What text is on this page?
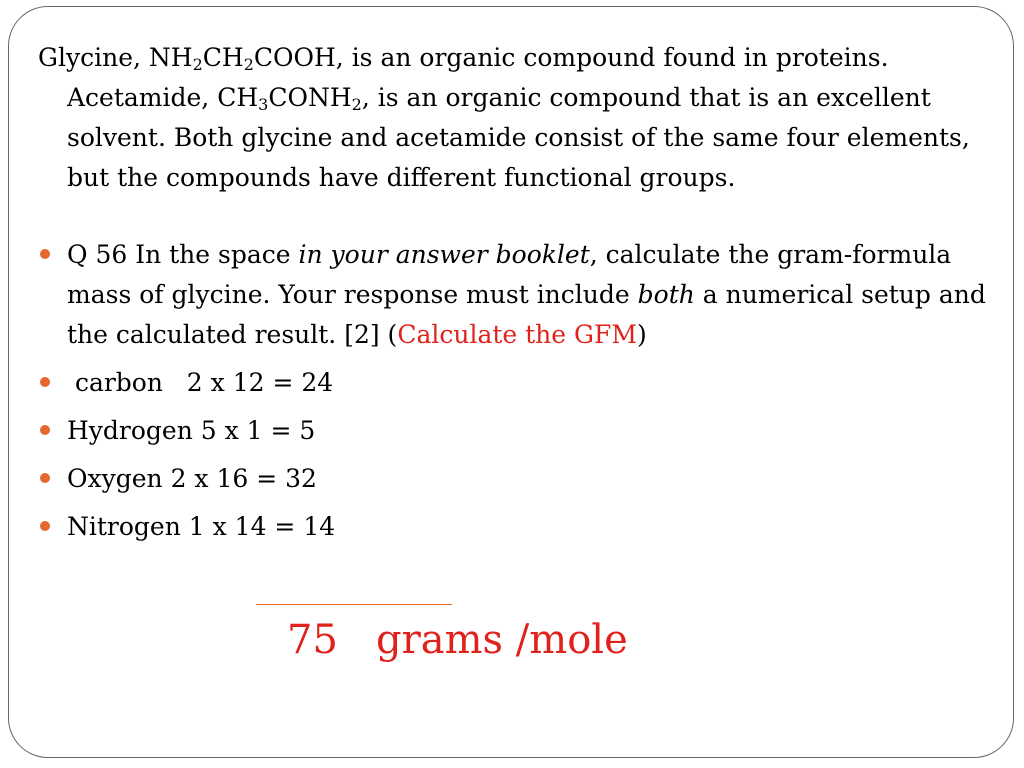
Glycine, $NH_2CH_2COOH$, is an organic compound found in proteins. Acetamide, $CH_3CONH_2$, is an organic compound that is an excellent solvent. Both glycine and acetamide consist of the same four elements, but the compounds have different functional groups.

Q 56 In the space in your answer booklet, calculate the gram-formula mass of glycine. Your response must include both a numerical setup and the calculated result. [2] (Calculate the GFM)
carbon   2 x 12 = 24
Hydrogen 5 x 1 = 5
Oxygen 2 x 16 = 32
Nitrogen 1 x 14 = 14
75   grams /mole
